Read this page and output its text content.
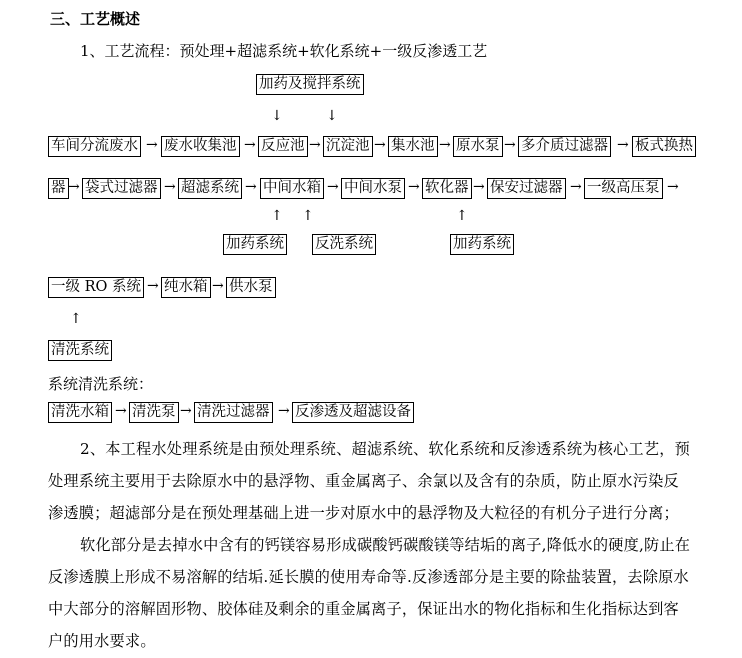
三、工艺概述
1、工艺流程：预处理+超滤系统+软化系统+一级反渗透工艺
加药及搅拌系统
↓	↓
车间分流废水 → 废水收集池 → 反应池 → 沉淀池 → 集水池 → 原水泵 → 多介质过滤器 → 板式换热
器 → 袋式过滤器 → 超滤系统 → 中间水箱 → 中间水泵 → 软化器 → 保安过滤器 → 一级高压泵 →
↑ ↑	↑
加药系统 反洗系统	加药系统
一级 RO 系统 → 纯水箱 → 供水泵
↑
清洗系统
系统清洗系统：
清洗水箱 → 清洗泵 → 清洗过滤器 → 反渗透及超滤设备
2、本工程水处理系统是由预处理系统、超滤系统、软化系统和反渗透系统为核心工艺，预
处理系统主要用于去除原水中的悬浮物、重金属离子、余氯以及含有的杂质，防止原水污染反
渗透膜；超滤部分是在预处理基础上进一步对原水中的悬浮物及大粒径的有机分子进行分离；
软化部分是去掉水中含有的钙镁容易形成碳酸钙碳酸镁等结垢的离子,降低水的硬度,防止在
反渗透膜上形成不易溶解的结垢.延长膜的使用寿命等.反渗透部分是主要的除盐装置，去除原水
中大部分的溶解固形物、胶体硅及剩余的重金属离子，保证出水的物化指标和生化指标达到客
户的用水要求。
